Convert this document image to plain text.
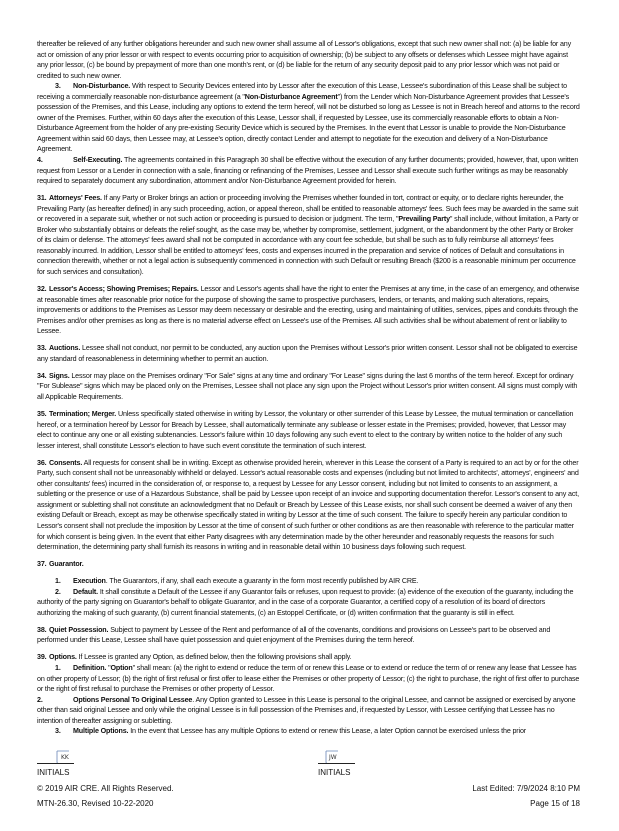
thereafter be relieved of any further obligations hereunder and such new owner shall assume all of Lessor's obligations, except that such new owner shall not: (a) be liable for any act or omission of any prior lessor or with respect to events occurring prior to acquisition of ownership; (b) be subject to any offsets or defenses which Lessee might have against any prior lessor, (c) be bound by prepayment of more than one month's rent, or (d) be liable for the return of any security deposit paid to any prior lessor which was not paid or credited to such new owner.

3. Non-Disturbance. With respect to Security Devices entered into by Lessor after the execution of this Lease, Lessee's subordination of this Lease shall be subject to receiving a commercially reasonable non-disturbance agreement (a "Non-Disturbance Agreement") from the Lender which Non-Disturbance Agreement provides that Lessee's possession of the Premises, and this Lease, including any options to extend the term hereof, will not be disturbed so long as Lessee is not in Breach hereof and attorns to the record owner of the Premises. Further, within 60 days after the execution of this Lease, Lessor shall, if requested by Lessee, use its commercially reasonable efforts to obtain a Non-Disturbance Agreement from the holder of any pre-existing Security Device which is secured by the Premises. In the event that Lessor is unable to provide the Non-Disturbance Agreement within said 60 days, then Lessee may, at Lessee's option, directly contact Lender and attempt to negotiate for the execution and delivery of a Non-Disturbance Agreement.

4.	Self-Executing. The agreements contained in this Paragraph 30 shall be effective without the execution of any further documents; provided, however, that, upon written request from Lessor or a Lender in connection with a sale, financing or refinancing of the Premises, Lessee and Lessor shall execute such further writings as may be reasonably required to separately document any subordination, attornment and/or Non-Disturbance Agreement provided for herein.

31. Attorneys' Fees. If any Party or Broker brings an action or proceeding involving the Premises whether founded in tort, contract or equity, or to declare rights hereunder, the Prevailing Party (as hereafter defined) in any such proceeding, action, or appeal thereon, shall be entitled to reasonable attorneys' fees. Such fees may be awarded in the same suit or recovered in a separate suit, whether or not such action or proceeding is pursued to decision or judgment. The term, "Prevailing Party" shall include, without limitation, a Party or Broker who substantially obtains or defeats the relief sought, as the case may be, whether by compromise, settlement, judgment, or the abandonment by the other Party or Broker of its claim or defense. The attorneys' fees award shall not be computed in accordance with any court fee schedule, but shall be such as to fully reimburse all attorneys' fees reasonably incurred. In addition, Lessor shall be entitled to attorneys' fees, costs and expenses incurred in the preparation and service of notices of Default and consultations in connection therewith, whether or not a legal action is subsequently commenced in connection with such Default or resulting Breach ($200 is a reasonable minimum per occurrence for such services and consultation).

32. Lessor's Access; Showing Premises; Repairs. Lessor and Lessor's agents shall have the right to enter the Premises at any time, in the case of an emergency, and otherwise at reasonable times after reasonable prior notice for the purpose of showing the same to prospective purchasers, lenders, or tenants, and making such alterations, repairs, improvements or additions to the Premises as Lessor may deem necessary or desirable and the erecting, using and maintaining of utilities, services, pipes and conduits through the Premises and/or other premises as long as there is no material adverse effect on Lessee's use of the Premises. All such activities shall be without abatement of rent or liability to Lessee.

33. Auctions. Lessee shall not conduct, nor permit to be conducted, any auction upon the Premises without Lessor's prior written consent. Lessor shall not be obligated to exercise any standard of reasonableness in determining whether to permit an auction.

34. Signs. Lessor may place on the Premises ordinary "For Sale" signs at any time and ordinary "For Lease" signs during the last 6 months of the term hereof. Except for ordinary "For Sublease" signs which may be placed only on the Premises, Lessee shall not place any sign upon the Project without Lessor's prior written consent. All signs must comply with all Applicable Requirements.

35. Termination; Merger. Unless specifically stated otherwise in writing by Lessor, the voluntary or other surrender of this Lease by Lessee, the mutual termination or cancellation hereof, or a termination hereof by Lessor for Breach by Lessee, shall automatically terminate any sublease or lesser estate in the Premises; provided, however, that Lessor may elect to continue any one or all existing subtenancies. Lessor's failure within 10 days following any such event to elect to the contrary by written notice to the holder of any such lesser interest, shall constitute Lessor's election to have such event constitute the termination of such interest.

36. Consents. All requests for consent shall be in writing. Except as otherwise provided herein, wherever in this Lease the consent of a Party is required to an act by or for the other Party, such consent shall not be unreasonably withheld or delayed. Lessor's actual reasonable costs and expenses (including but not limited to architects', attorneys', engineers' and other consultants' fees) incurred in the consideration of, or response to, a request by Lessee for any Lessor consent, including but not limited to consents to an assignment, a subletting or the presence or use of a Hazardous Substance, shall be paid by Lessee upon receipt of an invoice and supporting documentation therefor. Lessor's consent to any act, assignment or subletting shall not constitute an acknowledgment that no Default or Breach by Lessee of this Lease exists, nor shall such consent be deemed a waiver of any then existing Default or Breach, except as may be otherwise specifically stated in writing by Lessor at the time of such consent. The failure to specify herein any particular condition to Lessor's consent shall not preclude the imposition by Lessor at the time of consent of such further or other conditions as are then reasonable with reference to the particular matter for which consent is being given. In the event that either Party disagrees with any determination made by the other hereunder and reasonably requests the reasons for such determination, the determining party shall furnish its reasons in writing and in reasonable detail within 10 business days following such request.

37. Guarantor.

1. Execution. The Guarantors, if any, shall each execute a guaranty in the form most recently published by AIR CRE.

2. Default. It shall constitute a Default of the Lessee if any Guarantor fails or refuses, upon request to provide: (a) evidence of the execution of the guaranty, including the authority of the party signing on Guarantor's behalf to obligate Guarantor, and in the case of a corporate Guarantor, a certified copy of a resolution of its board of directors authorizing the making of such guaranty, (b) current financial statements, (c) an Estoppel Certificate, or (d) written confirmation that the guaranty is still in effect.

38. Quiet Possession. Subject to payment by Lessee of the Rent and performance of all of the covenants, conditions and provisions on Lessee's part to be observed and performed under this Lease, Lessee shall have quiet possession and quiet enjoyment of the Premises during the term hereof.

39. Options. If Lessee is granted any Option, as defined below, then the following provisions shall apply.

1. Definition. "Option" shall mean: (a) the right to extend or reduce the term of or renew this Lease or to extend or reduce the term of or renew any lease that Lessee has on other property of Lessor; (b) the right of first refusal or first offer to lease either the Premises or other property of Lessor; (c) the right to purchase, the right of first offer to purchase or the right of first refusal to purchase the Premises or other property of Lessor.

2.	Options Personal To Original Lessee. Any Option granted to Lessee in this Lease is personal to the original Lessee, and cannot be assigned or exercised by anyone other than said original Lessee and only while the original Lessee is in full possession of the Premises and, if requested by Lessor, with Lessee certifying that Lessee has no intention of thereafter assigning or subletting.

3. Multiple Options. In the event that Lessee has any multiple Options to extend or renew this Lease, a later Option cannot be exercised unless the prior

KK
INITIALS
JW
INITIALS
© 2019 AIR CRE. All Rights Reserved.
MTN-26.30, Revised 10-22-2020
Last Edited: 7/9/2024 8:10 PM
Page 15 of 18
